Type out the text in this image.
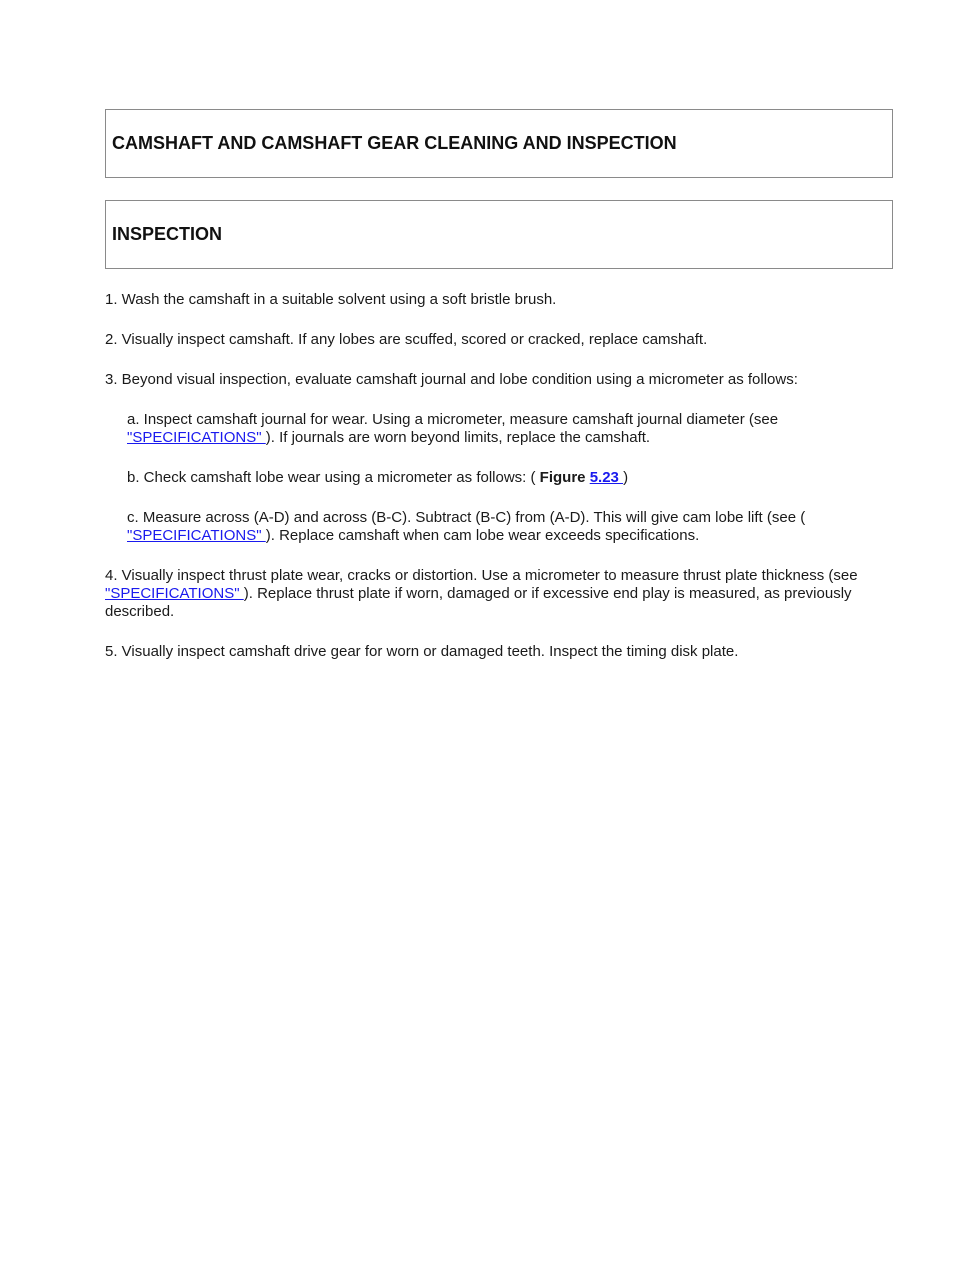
CAMSHAFT AND CAMSHAFT GEAR CLEANING AND INSPECTION
INSPECTION

1. Wash the camshaft in a suitable solvent using a soft bristle brush.

2. Visually inspect camshaft. If any lobes are scuffed, scored or cracked, replace camshaft.

3. Beyond visual inspection, evaluate camshaft journal and lobe condition using a micrometer as follows:

a. Inspect camshaft journal for wear. Using a micrometer, measure camshaft journal diameter (see "SPECIFICATIONS" ). If journals are worn beyond limits, replace the camshaft.

b. Check camshaft lobe wear using a micrometer as follows: ( Figure 5.23 )

c. Measure across (A-D) and across (B-C). Subtract (B-C) from (A-D). This will give cam lobe lift (see ( "SPECIFICATIONS" ). Replace camshaft when cam lobe wear exceeds specifications.

4. Visually inspect thrust plate wear, cracks or distortion. Use a micrometer to measure thrust plate thickness (see "SPECIFICATIONS" ). Replace thrust plate if worn, damaged or if excessive end play is measured, as previously described.

5. Visually inspect camshaft drive gear for worn or damaged teeth. Inspect the timing disk plate.
